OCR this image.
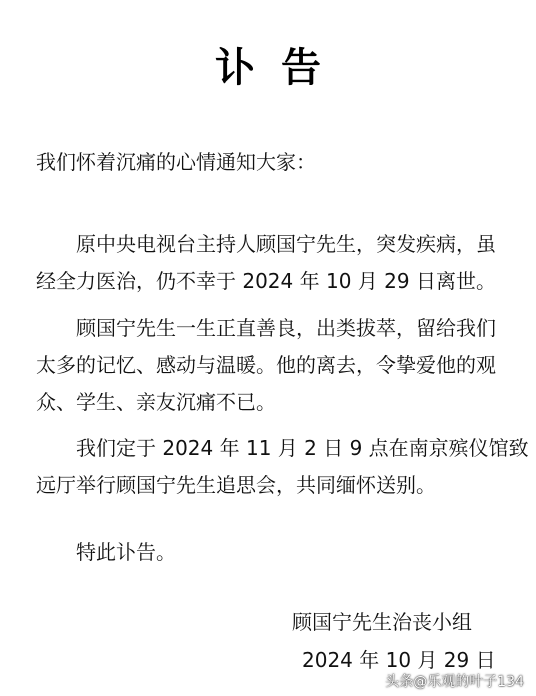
讣告
我们怀着沉痛的心情通知大家：
原中央电视台主持人顾国宁先生，突发疾病，虽
经全力医治，仍不幸于 2024 年 10 月 29 日离世。
顾国宁先生一生正直善良，出类拔萃，留给我们
太多的记忆、感动与温暖。他的离去，令挚爱他的观
众、学生、亲友沉痛不已。
我们定于 2024 年 11 月 2 日 9 点在南京殡仪馆致
远厅举行顾国宁先生追思会，共同缅怀送别。
特此讣告。
顾国宁先生治丧小组
2024 年 10 月 29 日
头条@乐观的叶子134
